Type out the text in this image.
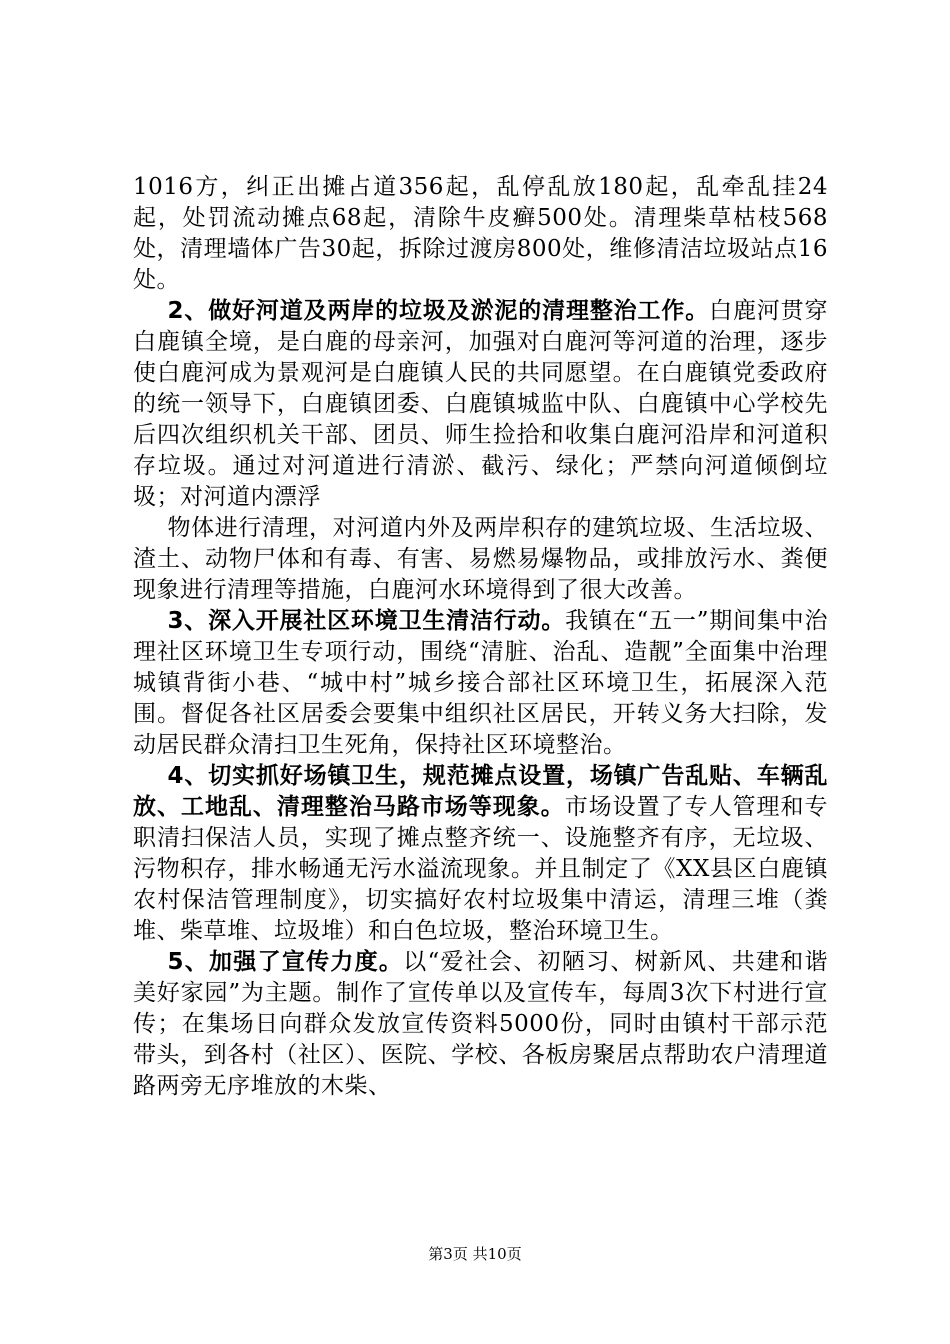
1016方，纠正出摊占道356起，乱停乱放180起，乱牵乱挂24起，处罚流动摊点68起，清除牛皮癣500处。清理柴草枯枝568处，清理墙体广告30起，拆除过渡房800处，维修清洁垃圾站点16处。

2、做好河道及两岸的垃圾及淤泥的清理整治工作。白鹿河贯穿白鹿镇全境，是白鹿的母亲河，加强对白鹿河等河道的治理，逐步使白鹿河成为景观河是白鹿镇人民的共同愿望。在白鹿镇党委政府的统一领导下，白鹿镇团委、白鹿镇城监中队、白鹿镇中心学校先后四次组织机关干部、团员、师生捡拾和收集白鹿河沿岸和河道积存垃圾。通过对河道进行清淤、截污、绿化；严禁向河道倾倒垃圾；对河道内漂浮

物体进行清理，对河道内外及两岸积存的建筑垃圾、生活垃圾、渣土、动物尸体和有毒、有害、易燃易爆物品，或排放污水、粪便现象进行清理等措施，白鹿河水环境得到了很大改善。

3、深入开展社区环境卫生清洁行动。我镇在“五一”期间集中治理社区环境卫生专项行动，围绕“清脏、治乱、造靓”全面集中治理城镇背街小巷、“城中村”城乡接合部社区环境卫生，拓展深入范围。督促各社区居委会要集中组织社区居民，开转义务大扫除，发动居民群众清扫卫生死角，保持社区环境整治。

4、切实抓好场镇卫生，规范摊点设置，场镇广告乱贴、车辆乱放、工地乱、清理整治马路市场等现象。市场设置了专人管理和专职清扫保洁人员，实现了摊点整齐统一、设施整齐有序，无垃圾、污物积存，排水畅通无污水溢流现象。并且制定了《XX县区白鹿镇农村保洁管理制度》，切实搞好农村垃圾集中清运，清理三堆（粪堆、柴草堆、垃圾堆）和白色垃圾，整治环境卫生。

5、加强了宣传力度。以“爱社会、初陋习、树新风、共建和谐美好家园”为主题。制作了宣传单以及宣传车，每周3次下村进行宣传；在集场日向群众发放宣传资料5000份，同时由镇村干部示范带头，到各村（社区）、医院、学校、各板房聚居点帮助农户清理道路两旁无序堆放的木柴、

第3页 共10页
